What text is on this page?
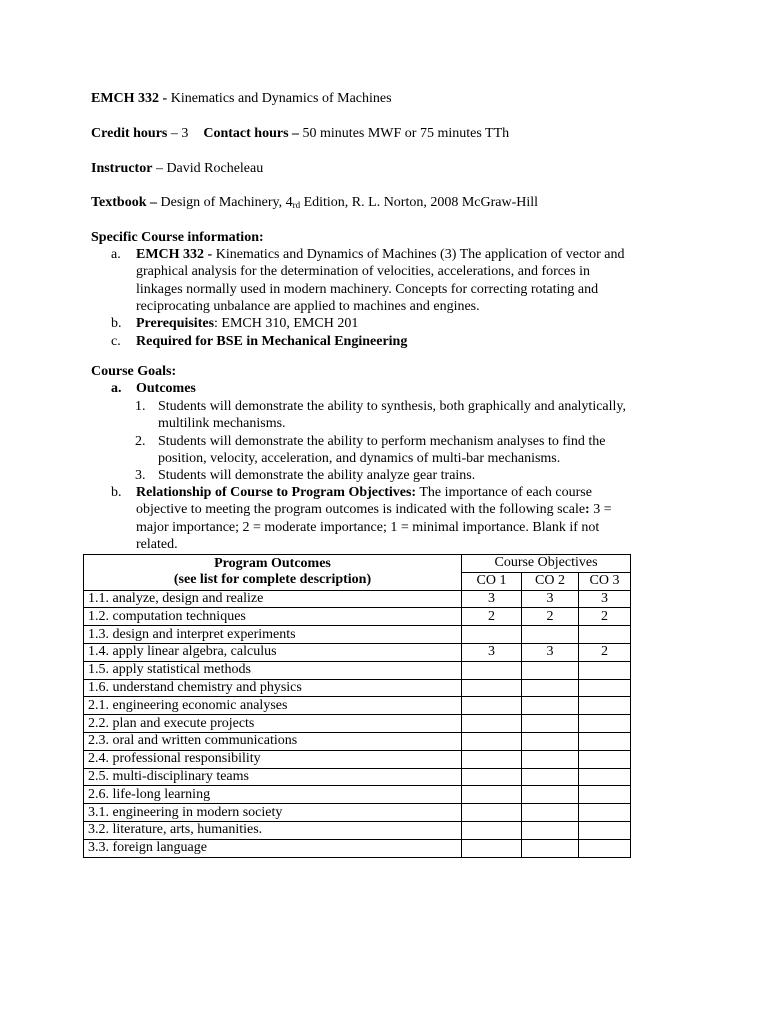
EMCH 332 - Kinematics and Dynamics of Machines
Credit hours – 3 Contact hours – 50 minutes MWF or 75 minutes TTh
Instructor – David Rocheleau
Textbook – Design of Machinery, $4_{rd}$ Edition, R. L. Norton, 2008 McGraw-Hill
Specific Course information:
a. EMCH 332 - Kinematics and Dynamics of Machines (3) The application of vector and
graphical analysis for the determination of velocities, accelerations, and forces in
linkages normally used in modern machinery. Concepts for correcting rotating and
reciprocating unbalance are applied to machines and engines.
b. Prerequisites: EMCH 310, EMCH 201
c. Required for BSE in Mechanical Engineering
Course Goals:
a. Outcomes
1. Students will demonstrate the ability to synthesis, both graphically and analytically,
multilink mechanisms.
2. Students will demonstrate the ability to perform mechanism analyses to find the
position, velocity, acceleration, and dynamics of multi-bar mechanisms.
3. Students will demonstrate the ability analyze gear trains.
b. Relationship of Course to Program Objectives: The importance of each course
objective to meeting the program outcomes is indicated with the following scale: 3 =
major importance; 2 = moderate importance; 1 = minimal importance. Blank if not
related.
Program Outcomes
(see list for complete description)	Course Objectives		
	CO 1	CO 2	CO 3
1.1. analyze, design and realize	3	3	3
1.2. computation techniques	2	2	2
1.3. design and interpret experiments			
1.4. apply linear algebra, calculus	3	3	2
1.5. apply statistical methods			
1.6. understand chemistry and physics			
2.1. engineering economic analyses			
2.2. plan and execute projects			
2.3. oral and written communications			
2.4. professional responsibility			
2.5. multi-disciplinary teams			
2.6. life-long learning			
3.1. engineering in modern society			
3.2. literature, arts, humanities.			
3.3. foreign language			
